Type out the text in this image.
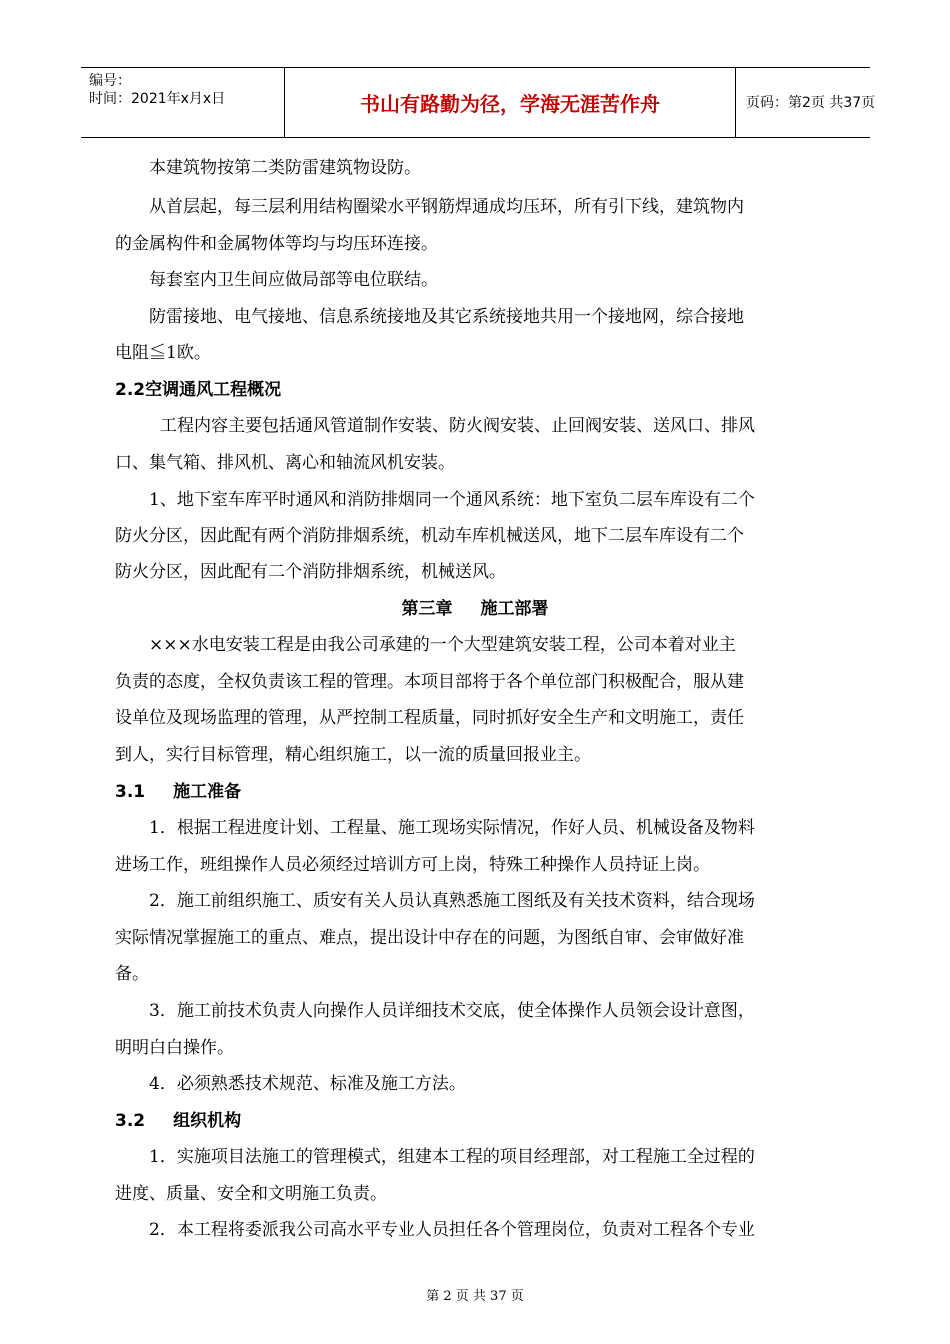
编号：
时间：2021年x月x日	书山有路勤为径，学海无涯苦作舟	页码：第2页 共37页
本建筑物按第二类防雷建筑物设防。
从首层起，每三层利用结构圈梁水平钢筋焊通成均压环，所有引下线，建筑物内
的金属构件和金属物体等均与均压环连接。
每套室内卫生间应做局部等电位联结。
防雷接地、电气接地、信息系统接地及其它系统接地共用一个接地网，综合接地
电阻≦1欧。
2.2空调通风工程概况
工程内容主要包括通风管道制作安装、防火阀安装、止回阀安装、送风口、排风
口、集气箱、排风机、离心和轴流风机安装。
1、地下室车库平时通风和消防排烟同一个通风系统：地下室负二层车库设有二个
防火分区，因此配有两个消防排烟系统，机动车库机械送风，地下二层车库设有二个
防火分区，因此配有二个消防排烟系统，机械送风。
第三章 施工部署
×××水电安装工程是由我公司承建的一个大型建筑安装工程，公司本着对业主
负责的态度，全权负责该工程的管理。本项目部将于各个单位部门积极配合，服从建
设单位及现场监理的管理，从严控制工程质量，同时抓好安全生产和文明施工，责任
到人，实行目标管理，精心组织施工，以一流的质量回报业主。
3.1 施工准备
1．根据工程进度计划、工程量、施工现场实际情况，作好人员、机械设备及物料
进场工作，班组操作人员必须经过培训方可上岗，特殊工种操作人员持证上岗。
2．施工前组织施工、质安有关人员认真熟悉施工图纸及有关技术资料，结合现场
实际情况掌握施工的重点、难点，提出设计中存在的问题，为图纸自审、会审做好准
备。
3．施工前技术负责人向操作人员详细技术交底，使全体操作人员领会设计意图，
明明白白操作。
4．必须熟悉技术规范、标准及施工方法。
3.2 组织机构
1．实施项目法施工的管理模式，组建本工程的项目经理部，对工程施工全过程的
进度、质量、安全和文明施工负责。
2．本工程将委派我公司高水平专业人员担任各个管理岗位，负责对工程各个专业
第 2 页 共 37 页
